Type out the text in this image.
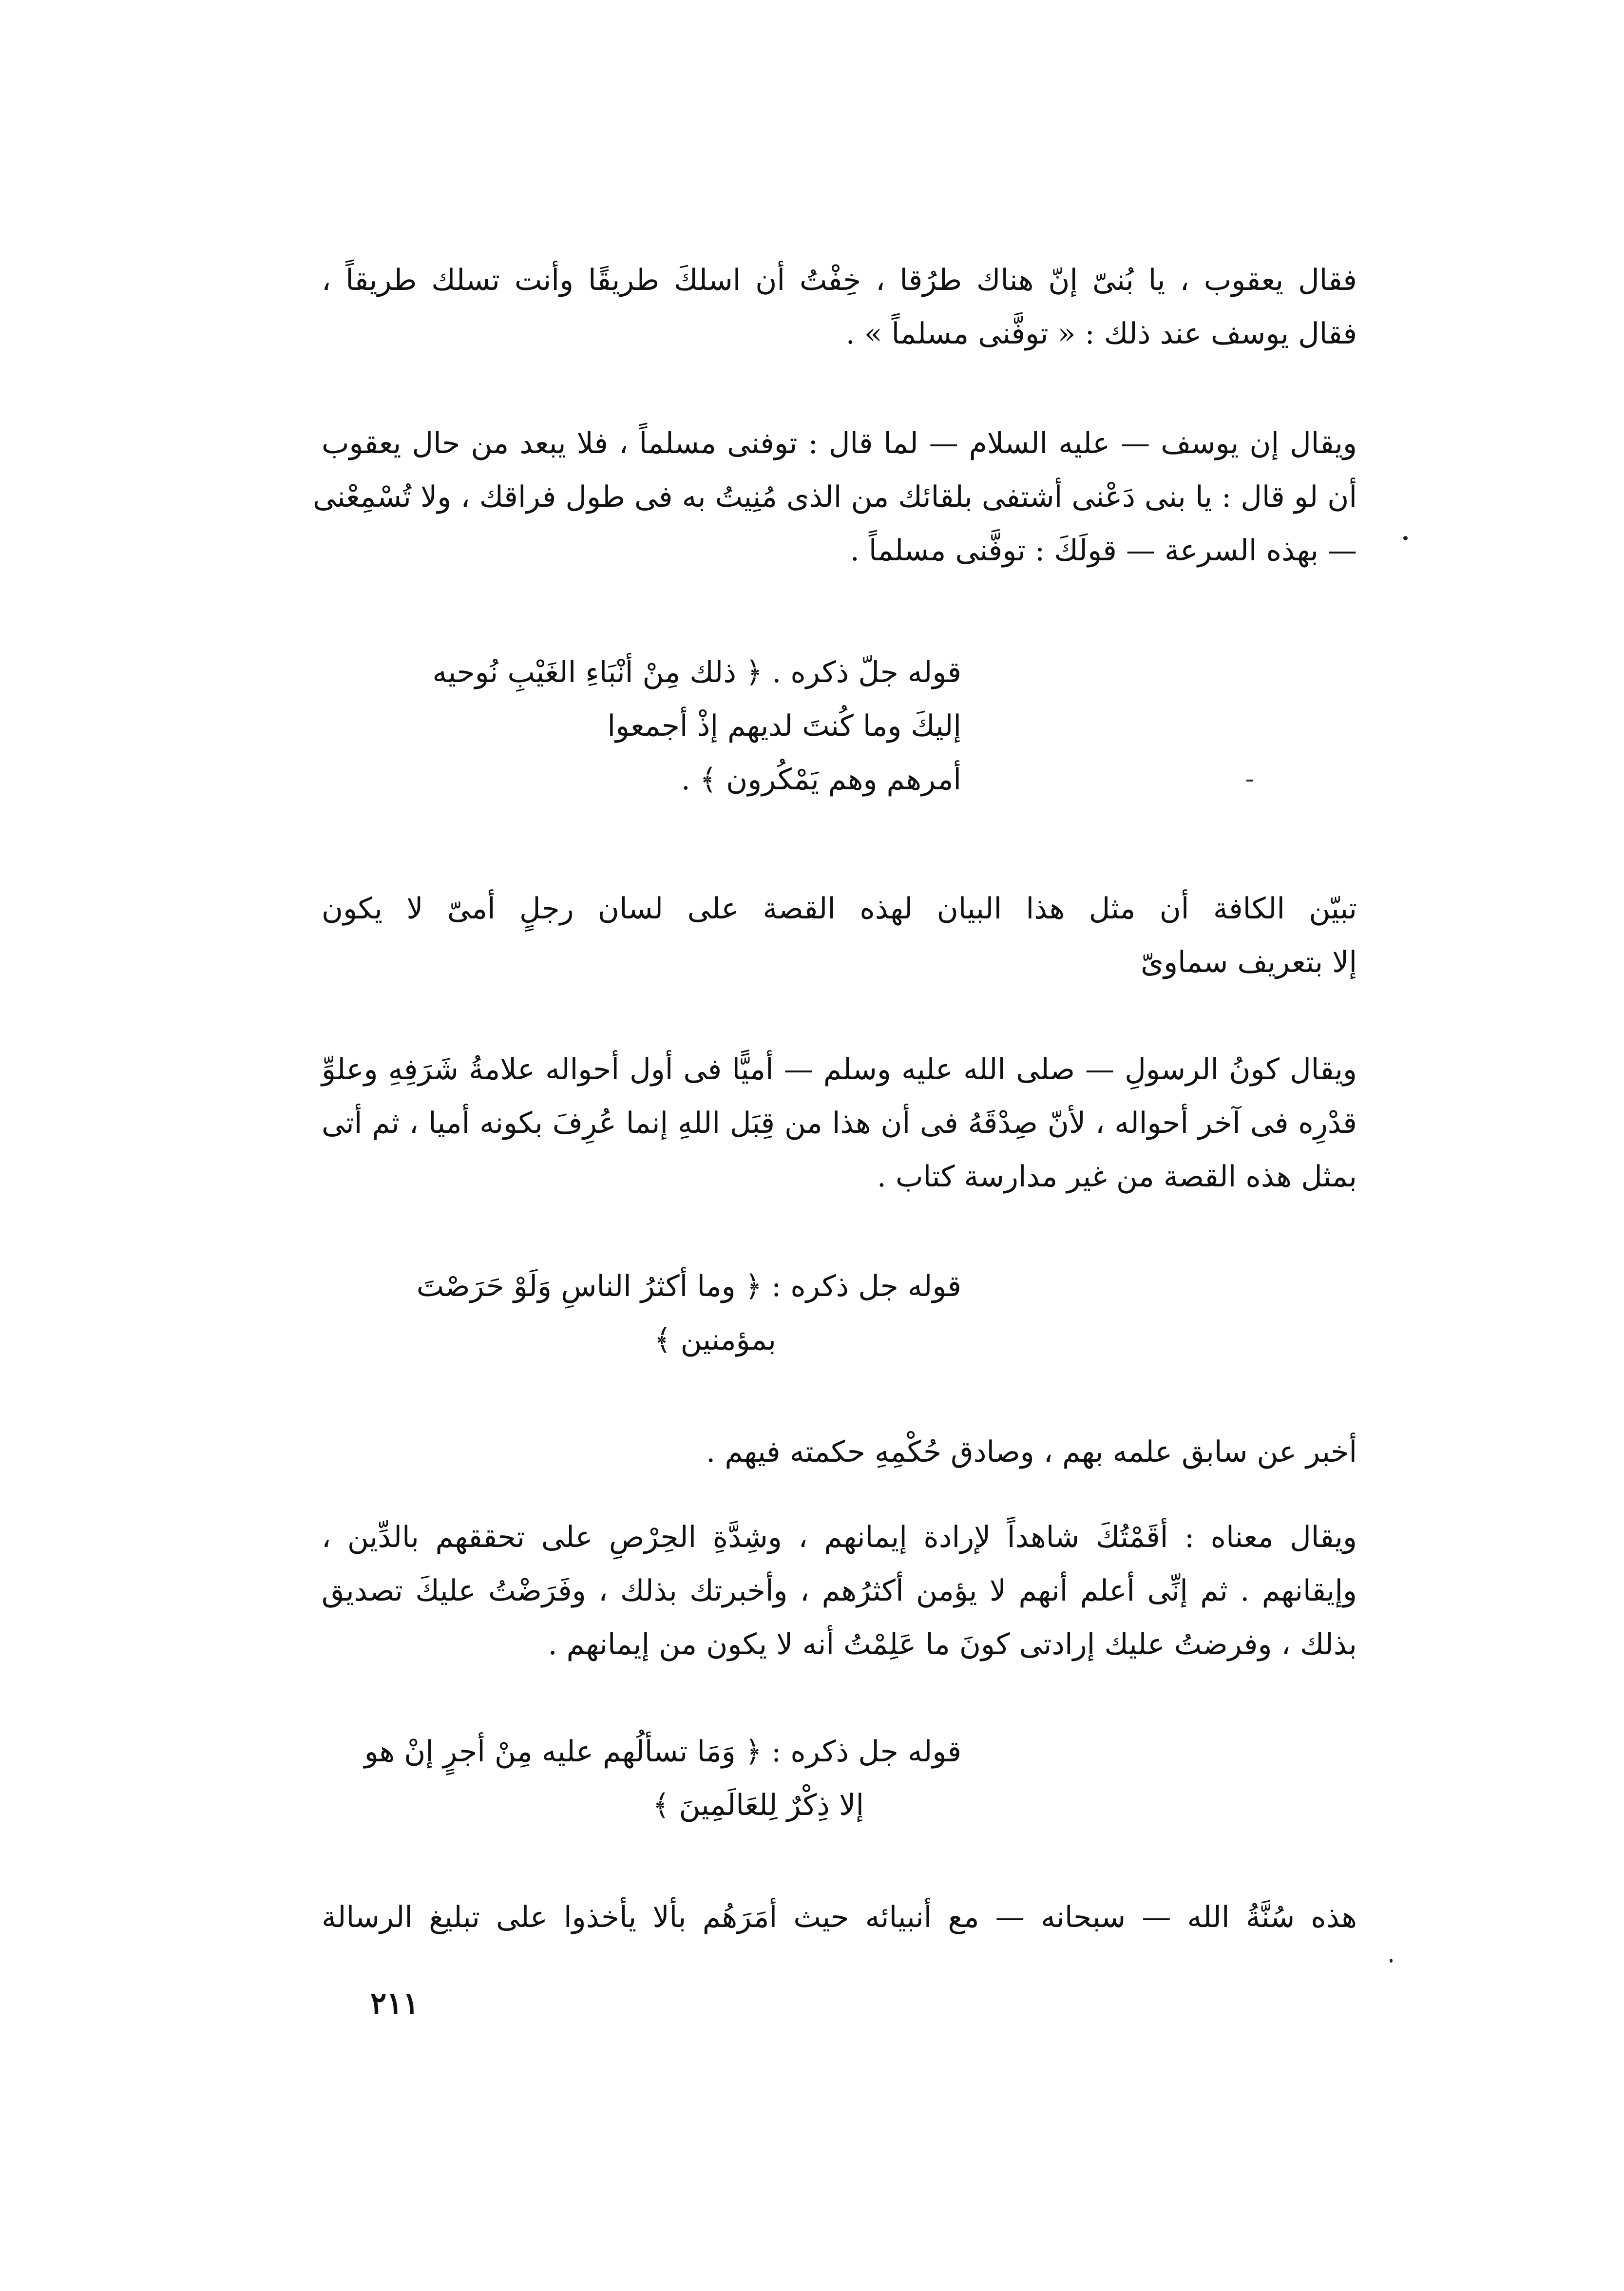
فقال يعقوب ، يا بُنىّ إنّ هناك طرُقا ، خِفْتُ أن اسلكَ طريقًا وأنت تسلك طريقاً ،
فقال يوسف عند ذلك : « توفَّنى مسلماً » .
ويقال إن يوسف — عليه السلام — لما قال : توفنى مسلماً ، فلا يبعد من حال يعقوب
أن لو قال : يا بنى دَعْنى أشتفى بلقائك من الذى مُنِيتُ به فى طول فراقك ، ولا تُسْمِعْنى
— بهذه السرعة — قولَكَ : توفَّنى مسلماً .
قوله جلّ ذكره . ﴿ ذلك مِنْ أنْبَاءِ الغَيْبِ نُوحيه
إليكَ وما كُنتَ لديهم إذْ أجمعوا
أمرهم وهم يَمْكُرون ﴾ .
تبيّن الكافة أن مثل هذا البيان لهذه القصة على لسان رجلٍ أمىّ لا يكون
إلا بتعريف سماوىّ
ويقال كونُ الرسولِ — صلى الله عليه وسلم — أميًّا فى أول أحواله علامةُ شَرَفِهِ وعلوِّ
قدْرِه فى آخر أحواله ، لأنّ صِدْقَهُ فى أن هذا من قِبَل اللهِ إنما عُرِفَ بكونه أميا ، ثم أتى
بمثل هذه القصة من غير مدارسة كتاب .
قوله جل ذكره : ﴿ وما أكثرُ الناسِ وَلَوْ حَرَصْتَ
بمؤمنين ﴾
أخبر عن سابق علمه بهم ، وصادق حُكْمِهِ حكمته فيهم .
ويقال معناه : أقَمْتُكَ شاهداً لإرادة إيمانهم ، وشِدَّةِ الحِرْصِ على تحققهم بالدِّين ،
وإيقانهم . ثم إنِّى أعلم أنهم لا يؤمن أكثرُهم ، وأخبرتك بذلك ، وفَرَضْتُ عليكَ تصديق
بذلك ، وفرضتُ عليك إرادتى كونَ ما عَلِمْتُ أنه لا يكون من إيمانهم .
قوله جل ذكره : ﴿ وَمَا تسألُهم عليه مِنْ أجرٍ إنْ هو
إلا ذِكْرٌ لِلعَالَمِينَ ﴾
هذه سُنَّةُ الله — سبحانه — مع أنبيائه حيث أمَرَهُم بألا يأخذوا على تبليغ الرسالة
٢١١
